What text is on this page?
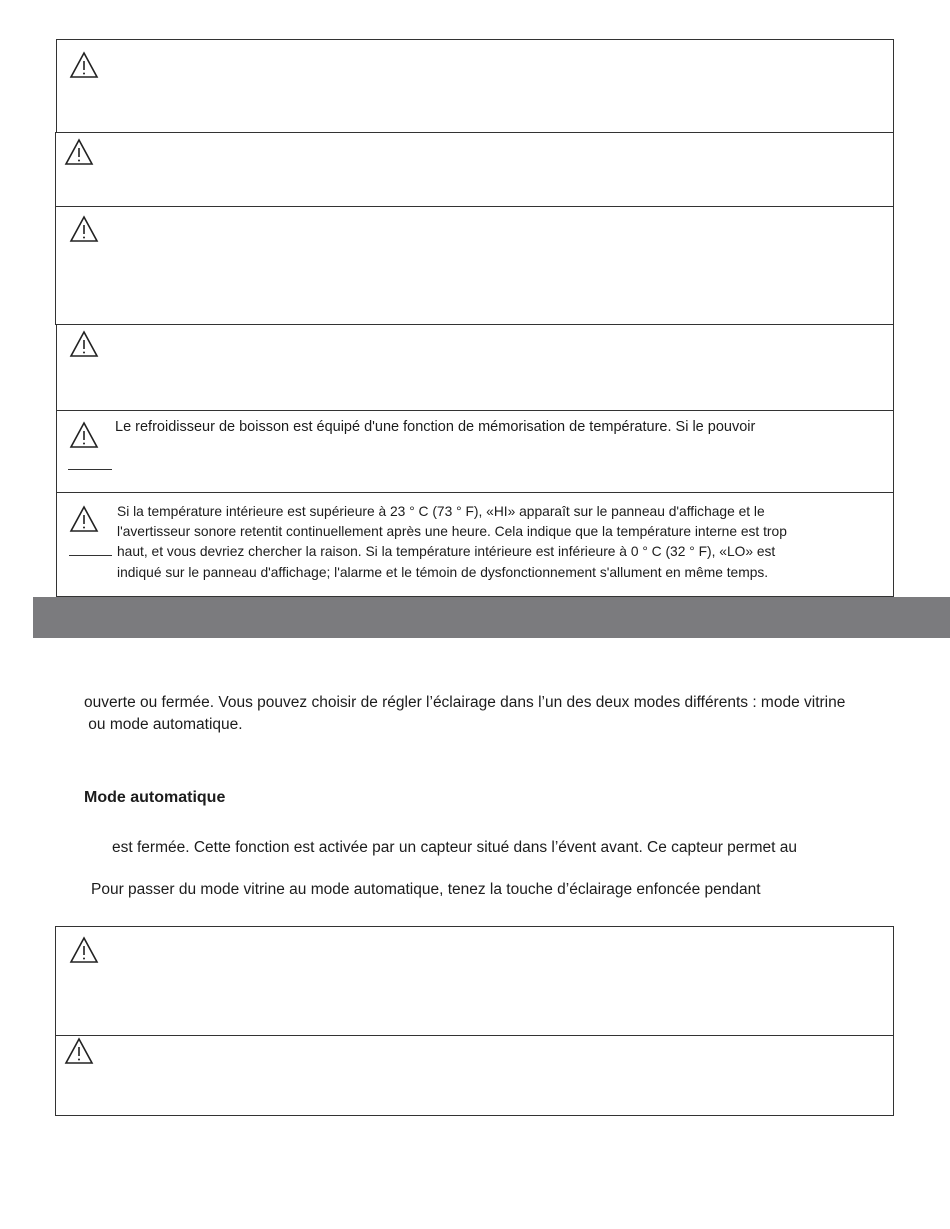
Le refroidisseur de boisson est équipé d'une fonction de mémorisation de température. Si le pouvoir
Si la température intérieure est supérieure à 23 ° C (73 ° F), «HI» apparaît sur le panneau d'affichage et le
l'avertisseur sonore retentit continuellement après une heure. Cela indique que la température interne est trop
haut, et vous devriez chercher la raison. Si la température intérieure est inférieure à 0 ° C (32 ° F), «LO» est
indiqué sur le panneau d'affichage; l'alarme et le témoin de dysfonctionnement s'allument en même temps.
ouverte ou fermée. Vous pouvez choisir de régler l’éclairage dans l’un des deux modes différents : mode vitrine
ou mode automatique.
Mode automatique
est fermée. Cette fonction est activée par un capteur situé dans l’évent avant. Ce capteur permet au
Pour passer du mode vitrine au mode automatique, tenez la touche d’éclairage enfoncée pendant
